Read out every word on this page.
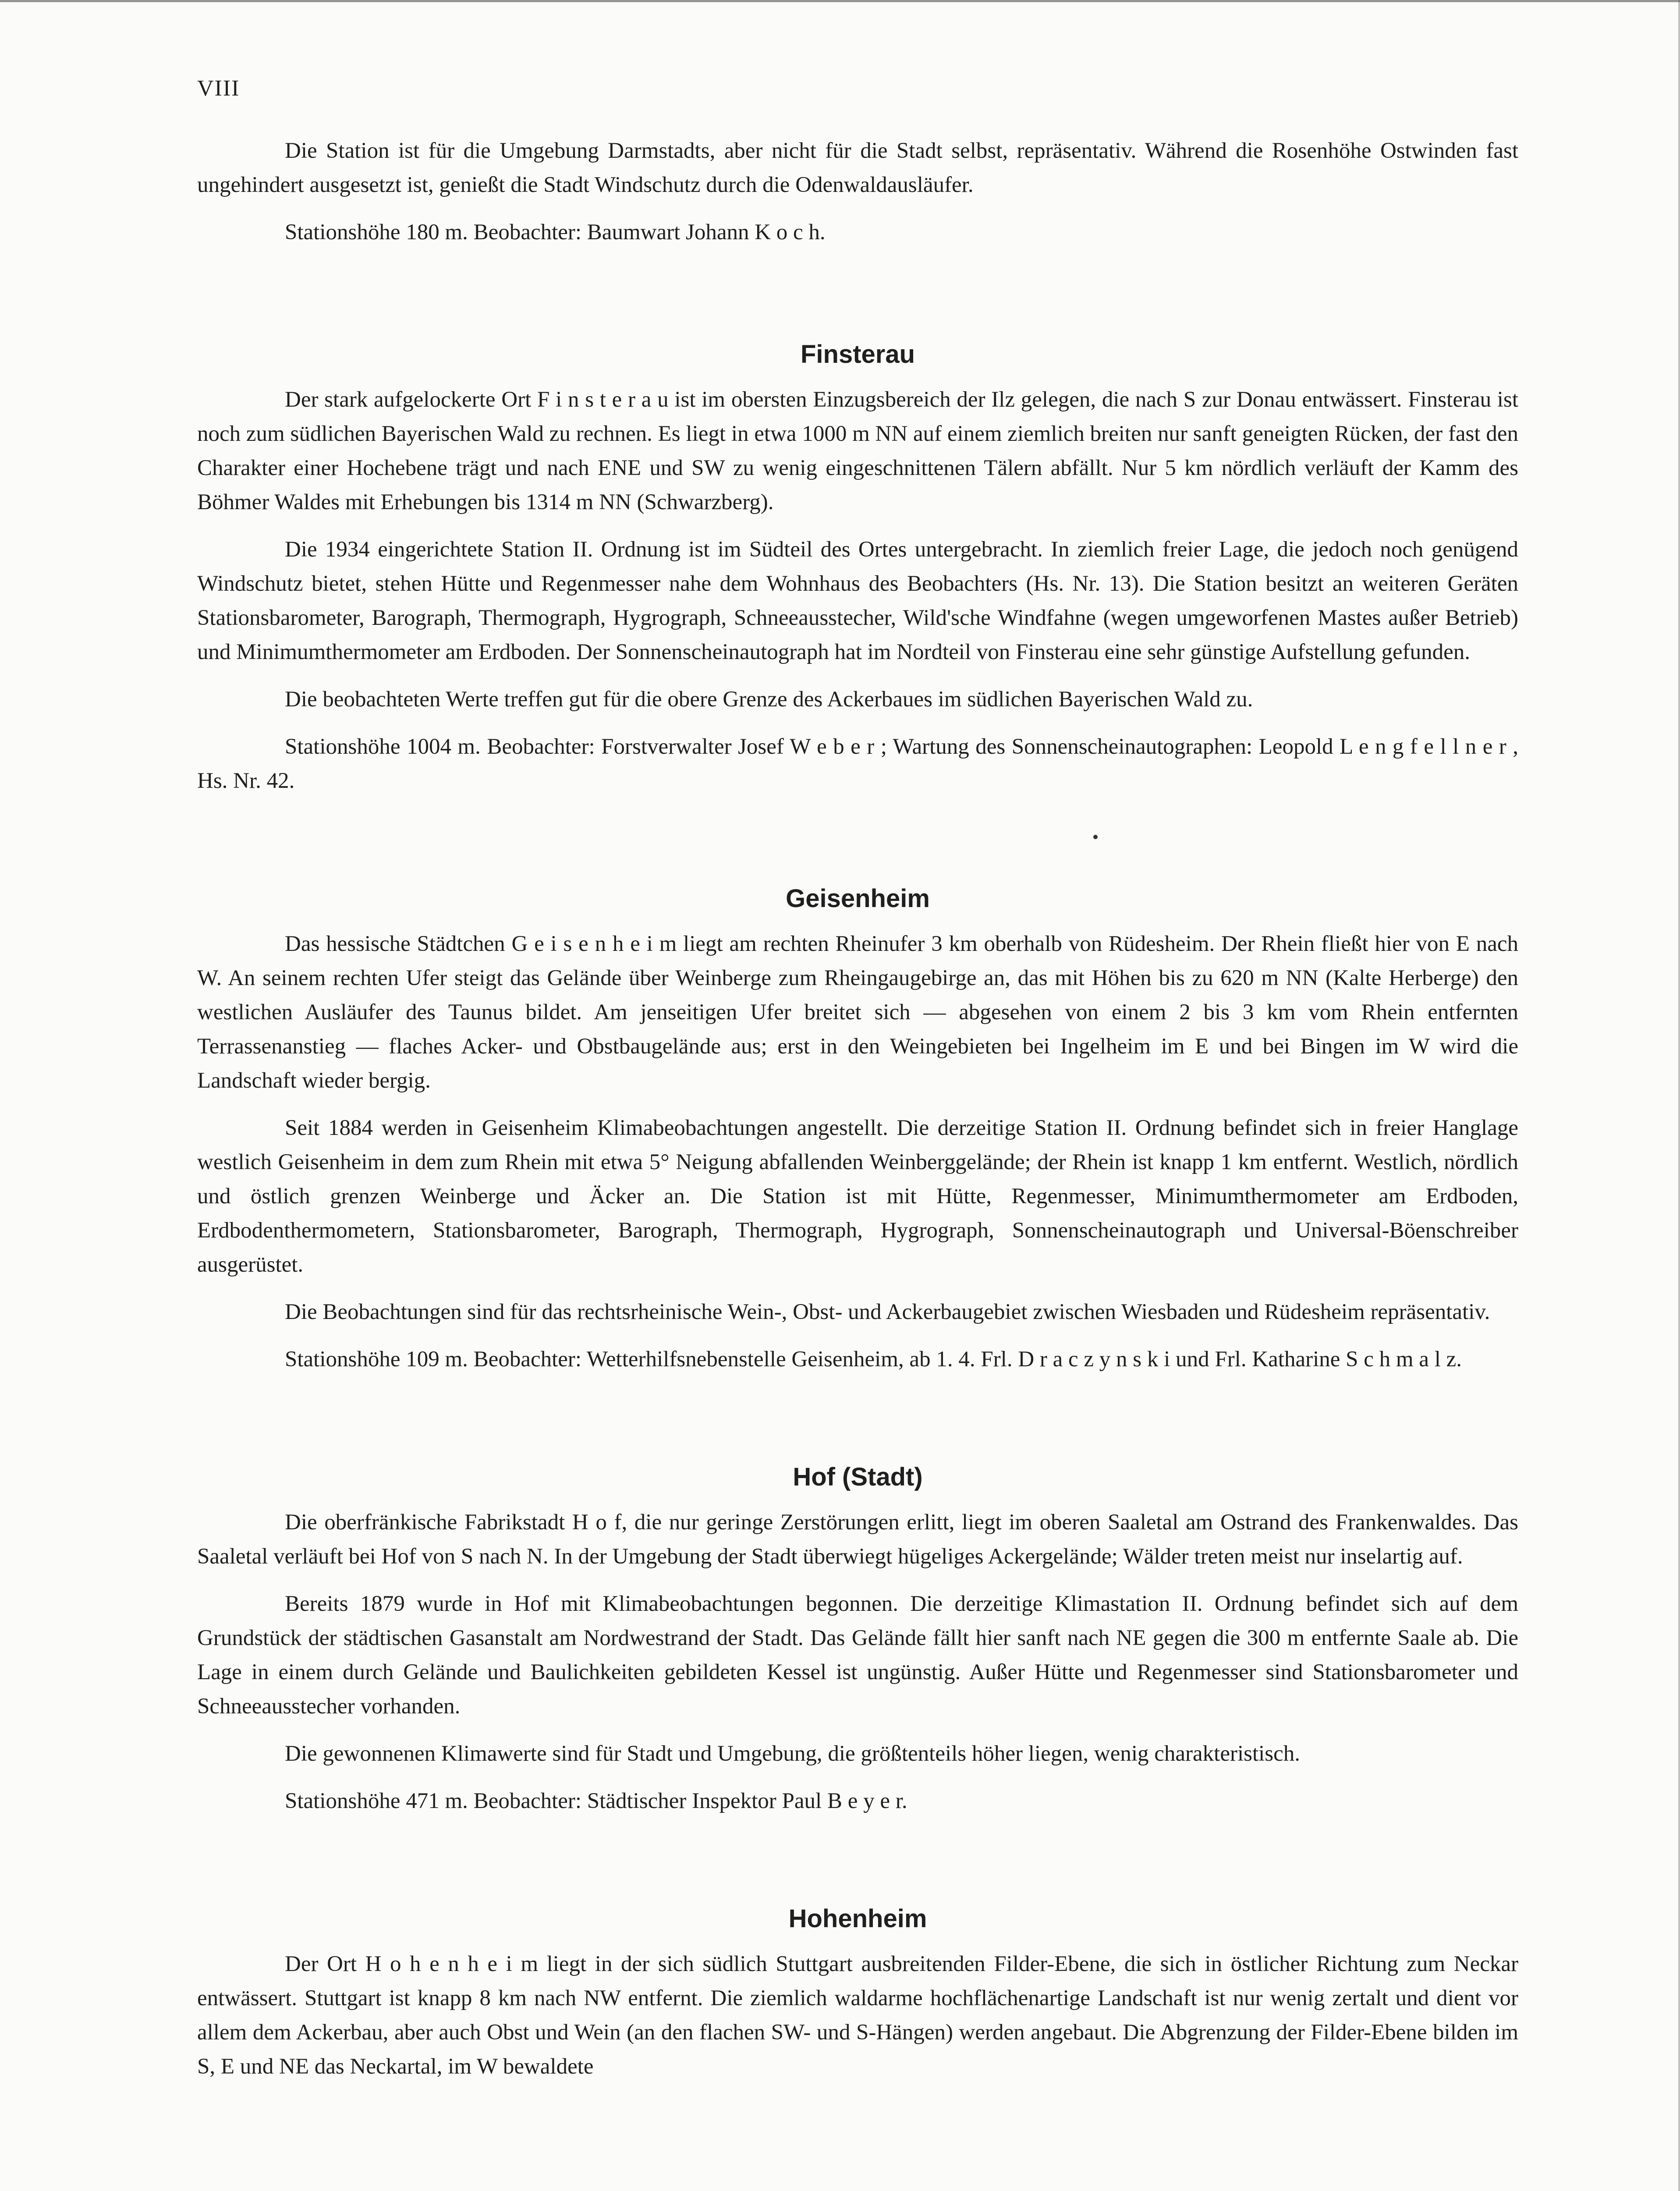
VIII

Die Station ist für die Umgebung Darmstadts, aber nicht für die Stadt selbst, repräsentativ. Während die Rosenhöhe Ostwinden fast ungehindert ausgesetzt ist, genießt die Stadt Windschutz durch die Odenwaldausläufer.

Stationshöhe 180 m. Beobachter: Baumwart Johann K o c h.

Finsterau

Der stark aufgelockerte Ort F i n s t e r a u ist im obersten Einzugsbereich der Ilz gelegen, die nach S zur Donau entwässert. Finsterau ist noch zum südlichen Bayerischen Wald zu rechnen. Es liegt in etwa 1000 m NN auf einem ziemlich breiten nur sanft geneigten Rücken, der fast den Charakter einer Hochebene trägt und nach ENE und SW zu wenig eingeschnittenen Tälern abfällt. Nur 5 km nördlich verläuft der Kamm des Böhmer Waldes mit Erhebungen bis 1314 m NN (Schwarzberg).

Die 1934 eingerichtete Station II. Ordnung ist im Südteil des Ortes untergebracht. In ziemlich freier Lage, die jedoch noch genügend Windschutz bietet, stehen Hütte und Regenmesser nahe dem Wohnhaus des Beobachters (Hs. Nr. 13). Die Station besitzt an weiteren Geräten Stationsbarometer, Barograph, Thermograph, Hygrograph, Schneeausstecher, Wild'sche Windfahne (wegen umgeworfenen Mastes außer Betrieb) und Minimumthermometer am Erdboden. Der Sonnenscheinautograph hat im Nordteil von Finsterau eine sehr günstige Aufstellung gefunden.

Die beobachteten Werte treffen gut für die obere Grenze des Ackerbaues im südlichen Bayerischen Wald zu.

Stationshöhe 1004 m. Beobachter: Forstverwalter Josef W e b e r ; Wartung des Sonnenscheinautographen: Leopold L e n g f e l l n e r , Hs. Nr. 42.

Geisenheim

Das hessische Städtchen G e i s e n h e i m liegt am rechten Rheinufer 3 km oberhalb von Rüdesheim. Der Rhein fließt hier von E nach W. An seinem rechten Ufer steigt das Gelände über Weinberge zum Rheingaugebirge an, das mit Höhen bis zu 620 m NN (Kalte Herberge) den westlichen Ausläufer des Taunus bildet. Am jenseitigen Ufer breitet sich — abgesehen von einem 2 bis 3 km vom Rhein entfernten Terrassenanstieg — flaches Acker- und Obstbaugelände aus; erst in den Weingebieten bei Ingelheim im E und bei Bingen im W wird die Landschaft wieder bergig.

Seit 1884 werden in Geisenheim Klimabeobachtungen angestellt. Die derzeitige Station II. Ordnung befindet sich in freier Hanglage westlich Geisenheim in dem zum Rhein mit etwa 5° Neigung abfallenden Weinberggelände; der Rhein ist knapp 1 km entfernt. Westlich, nördlich und östlich grenzen Weinberge und Äcker an. Die Station ist mit Hütte, Regenmesser, Minimumthermometer am Erdboden, Erdbodenthermometern, Stationsbarometer, Barograph, Thermograph, Hygrograph, Sonnenscheinautograph und Universal-Böenschreiber ausgerüstet.

Die Beobachtungen sind für das rechtsrheinische Wein-, Obst- und Ackerbaugebiet zwischen Wiesbaden und Rüdesheim repräsentativ.

Stationshöhe 109 m. Beobachter: Wetterhilfsnebenstelle Geisenheim, ab 1. 4. Frl. D r a c z y n s k i und Frl. Katharine S c h m a l z.

Hof (Stadt)

Die oberfränkische Fabrikstadt H o f, die nur geringe Zerstörungen erlitt, liegt im oberen Saaletal am Ostrand des Frankenwaldes. Das Saaletal verläuft bei Hof von S nach N. In der Umgebung der Stadt überwiegt hügeliges Ackergelände; Wälder treten meist nur inselartig auf.

Bereits 1879 wurde in Hof mit Klimabeobachtungen begonnen. Die derzeitige Klimastation II. Ordnung befindet sich auf dem Grundstück der städtischen Gasanstalt am Nordwestrand der Stadt. Das Gelände fällt hier sanft nach NE gegen die 300 m entfernte Saale ab. Die Lage in einem durch Gelände und Baulichkeiten gebildeten Kessel ist ungünstig. Außer Hütte und Regenmesser sind Stationsbarometer und Schneeausstecher vorhanden.

Die gewonnenen Klimawerte sind für Stadt und Umgebung, die größtenteils höher liegen, wenig charakteristisch.

Stationshöhe 471 m. Beobachter: Städtischer Inspektor Paul B e y e r.

Hohenheim

Der Ort H o h e n h e i m liegt in der sich südlich Stuttgart ausbreitenden Filder-Ebene, die sich in östlicher Richtung zum Neckar entwässert. Stuttgart ist knapp 8 km nach NW entfernt. Die ziemlich waldarme hochflächenartige Landschaft ist nur wenig zertalt und dient vor allem dem Ackerbau, aber auch Obst und Wein (an den flachen SW- und S-Hängen) werden angebaut. Die Abgrenzung der Filder-Ebene bilden im S, E und NE das Neckartal, im W bewaldete
